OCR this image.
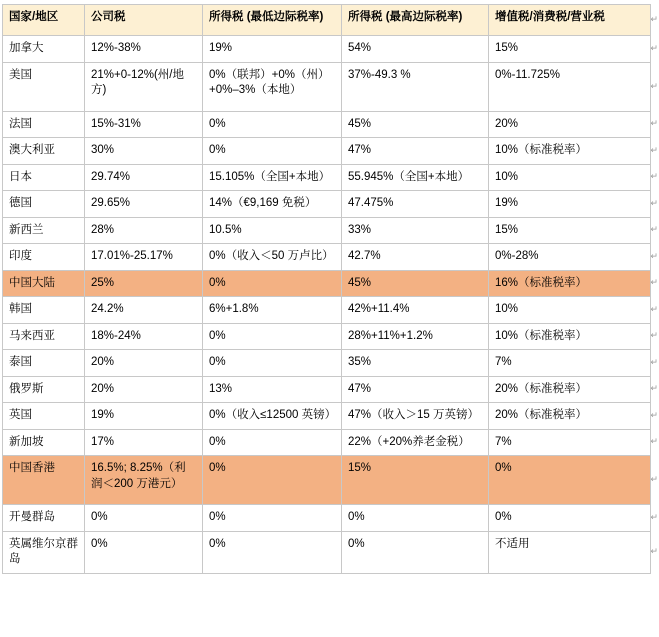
国家/地区	公司税	所得税 (最低边际税率)	所得税 (最高边际税率)	增值税/消费税/营业税
加拿大	12%-38%	19%	54%	15%
美国	21%+0-12%(州/地方)	0%（联邦）+0%（州）+0%–3%（本地）	37%-49.3 %	0%-11.725%
法国	15%-31%	0%	45%	20%
澳大利亚	30%	0%	47%	10%（标准税率）
日本	29.74%	15.105%（全国+本地）	55.945%（全国+本地）	10%
德国	29.65%	14%（€9,169 免税）	47.475%	19%
新西兰	28%	10.5%	33%	15%
印度	17.01%-25.17%	0%（收入＜50 万卢比）	42.7%	0%-28%
中国大陆	25%	0%	45%	16%（标准税率）
韩国	24.2%	6%+1.8%	42%+11.4%	10%
马来西亚	18%-24%	0%	28%+11%+1.2%	10%（标准税率）
泰国	20%	0%	35%	7%
俄罗斯	20%	13%	47%	20%（标准税率）
英国	19%	0%（收入≤12500 英镑）	47%（收入＞15 万英镑）	20%（标准税率）
新加坡	17%	0%	22%（+20%养老金税）	7%
中国香港	16.5%; 8.25%（利润＜200 万港元）	0%	15%	0%
开曼群岛	0%	0%	0%	0%
英属维尔京群岛	0%	0%	0%	不适用
↵
↵
↵
↵
↵
↵
↵
↵
↵
↵
↵
↵
↵
↵
↵
↵
↵
↵
↵
